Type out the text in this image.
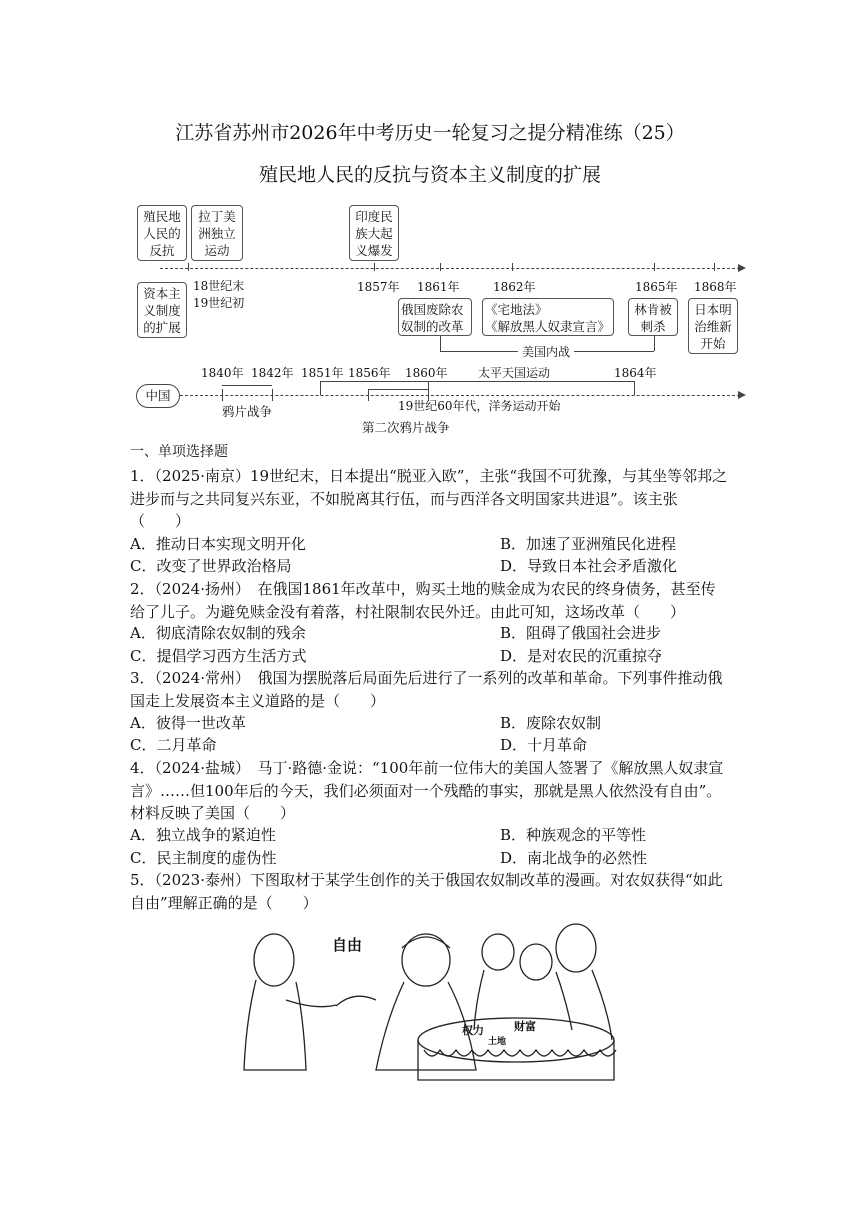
江苏省苏州市2026年中考历史一轮复习之提分精准练（25）
殖民地人民的反抗与资本主义制度的扩展
殖民地人民的反抗
拉丁美洲独立运动
印度民族大起义爆发
资本主义制度的扩展
18世纪末
19世纪初
1857年 1861年	1862年	1865年 1868年
俄国废除农奴制的改革
《宅地法》
《解放黑人奴隶宣言》
林肯被刺杀
日本明治维新开始
美国内战
中国
1840年 1842年 1851年 1856年 1860年	1864年
太平天国运动
鸦片战争	19世纪60年代，洋务运动开始
第二次鸦片战争
一、单项选择题
1．（2025·南京）19世纪末，日本提出“脱亚入欧”，主张“我国不可犹豫，与其坐等邻邦之进步而与之共同复兴东亚，不如脱离其行伍，而与西洋各文明国家共进退”。该主张（　　）
A．推动日本实现文明开化	B．加速了亚洲殖民化进程
C．改变了世界政治格局	D．导致日本社会矛盾激化
2．（2024·扬州）　在俄国1861年改革中，购买土地的赎金成为农民的终身债务，甚至传给了儿子。为避免赎金没有着落，村社限制农民外迁。由此可知，这场改革（　　）
A．彻底清除农奴制的残余	B．阻碍了俄国社会进步
C．提倡学习西方生活方式	D．是对农民的沉重掠夺
3．（2024·常州）　俄国为摆脱落后局面先后进行了一系列的改革和革命。下列事件推动俄国走上发展资本主义道路的是（　　）
A．彼得一世改革	B．废除农奴制
C．二月革命	D．十月革命
4．（2024·盐城）　马丁·路德·金说：“100年前一位伟大的美国人签署了《解放黑人奴隶宣言》……但100年后的今天，我们必须面对一个残酷的事实，那就是黑人依然没有自由”。材料反映了美国（　　）
A．独立战争的紧迫性	B．种族观念的平等性
C．民主制度的虚伪性	D．南北战争的必然性
5．（2023·泰州）下图取材于某学生创作的关于俄国农奴制改革的漫画。对农奴获得“如此自由”理解正确的是（　　）
自由
权力	财富
土地
